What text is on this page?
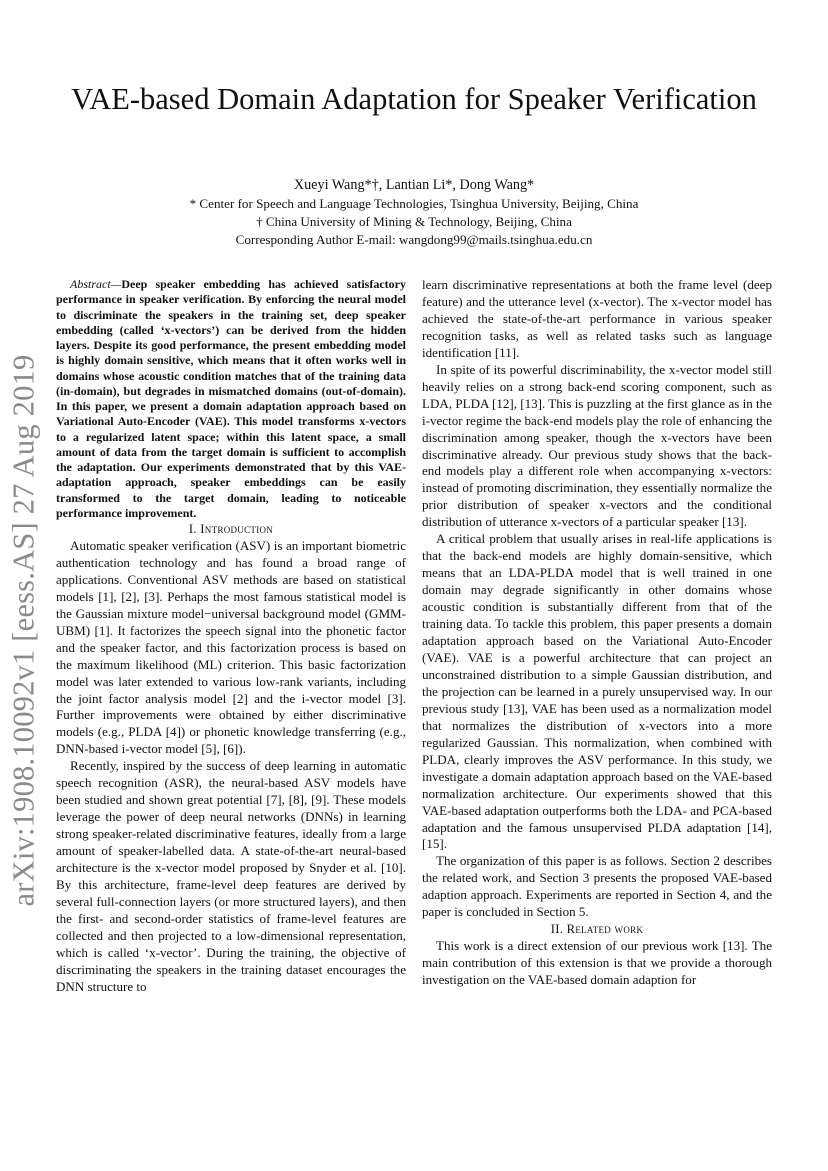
arXiv:1908.10092v1 [eess.AS] 27 Aug 2019
VAE-based Domain Adaptation for Speaker Verification
Xueyi Wang*†, Lantian Li*, Dong Wang*
* Center for Speech and Language Technologies, Tsinghua University, Beijing, China
† China University of Mining & Technology, Beijing, China
Corresponding Author E-mail: wangdong99@mails.tsinghua.edu.cn

Abstract—Deep speaker embedding has achieved satisfactory performance in speaker verification. By enforcing the neural model to discriminate the speakers in the training set, deep speaker embedding (called ‘x-vectors’) can be derived from the hidden layers. Despite its good performance, the present embedding model is highly domain sensitive, which means that it often works well in domains whose acoustic condition matches that of the training data (in-domain), but degrades in mismatched domains (out-of-domain). In this paper, we present a domain adaptation approach based on Variational Auto-Encoder (VAE). This model transforms x-vectors to a regularized latent space; within this latent space, a small amount of data from the target domain is sufficient to accomplish the adaptation. Our experiments demonstrated that by this VAE-adaptation approach, speaker embeddings can be easily transformed to the target domain, leading to noticeable performance improvement.

I. Introduction

Automatic speaker verification (ASV) is an important biometric authentication technology and has found a broad range of applications. Conventional ASV methods are based on statistical models [1], [2], [3]. Perhaps the most famous statistical model is the Gaussian mixture model−universal background model (GMM-UBM) [1]. It factorizes the speech signal into the phonetic factor and the speaker factor, and this factorization process is based on the maximum likelihood (ML) criterion. This basic factorization model was later extended to various low-rank variants, including the joint factor analysis model [2] and the i-vector model [3]. Further improvements were obtained by either discriminative models (e.g., PLDA [4]) or phonetic knowledge transferring (e.g., DNN-based i-vector model [5], [6]).

Recently, inspired by the success of deep learning in automatic speech recognition (ASR), the neural-based ASV models have been studied and shown great potential [7], [8], [9]. These models leverage the power of deep neural networks (DNNs) in learning strong speaker-related discriminative features, ideally from a large amount of speaker-labelled data. A state-of-the-art neural-based architecture is the x-vector model proposed by Snyder et al. [10]. By this architecture, frame-level deep features are derived by several full-connection layers (or more structured layers), and then the first- and second-order statistics of frame-level features are collected and then projected to a low-dimensional representation, which is called ‘x-vector’. During the training, the objective of discriminating the speakers in the training dataset encourages the DNN structure to

learn discriminative representations at both the frame level (deep feature) and the utterance level (x-vector). The x-vector model has achieved the state-of-the-art performance in various speaker recognition tasks, as well as related tasks such as language identification [11].

In spite of its powerful discriminability, the x-vector model still heavily relies on a strong back-end scoring component, such as LDA, PLDA [12], [13]. This is puzzling at the first glance as in the i-vector regime the back-end models play the role of enhancing the discrimination among speaker, though the x-vectors have been discriminative already. Our previous study shows that the back-end models play a different role when accompanying x-vectors: instead of promoting discrimination, they essentially normalize the prior distribution of speaker x-vectors and the conditional distribution of utterance x-vectors of a particular speaker [13].

A critical problem that usually arises in real-life applications is that the back-end models are highly domain-sensitive, which means that an LDA-PLDA model that is well trained in one domain may degrade significantly in other domains whose acoustic condition is substantially different from that of the training data. To tackle this problem, this paper presents a domain adaptation approach based on the Variational Auto-Encoder (VAE). VAE is a powerful architecture that can project an unconstrained distribution to a simple Gaussian distribution, and the projection can be learned in a purely unsupervised way. In our previous study [13], VAE has been used as a normalization model that normalizes the distribution of x-vectors into a more regularized Gaussian. This normalization, when combined with PLDA, clearly improves the ASV performance. In this study, we investigate a domain adaptation approach based on the VAE-based normalization architecture. Our experiments showed that this VAE-based adaptation outperforms both the LDA- and PCA-based adaptation and the famous unsupervised PLDA adaptation [14], [15].

The organization of this paper is as follows. Section 2 describes the related work, and Section 3 presents the proposed VAE-based adaption approach. Experiments are reported in Section 4, and the paper is concluded in Section 5.

II. Related work

This work is a direct extension of our previous work [13]. The main contribution of this extension is that we provide a thorough investigation on the VAE-based domain adaption for
